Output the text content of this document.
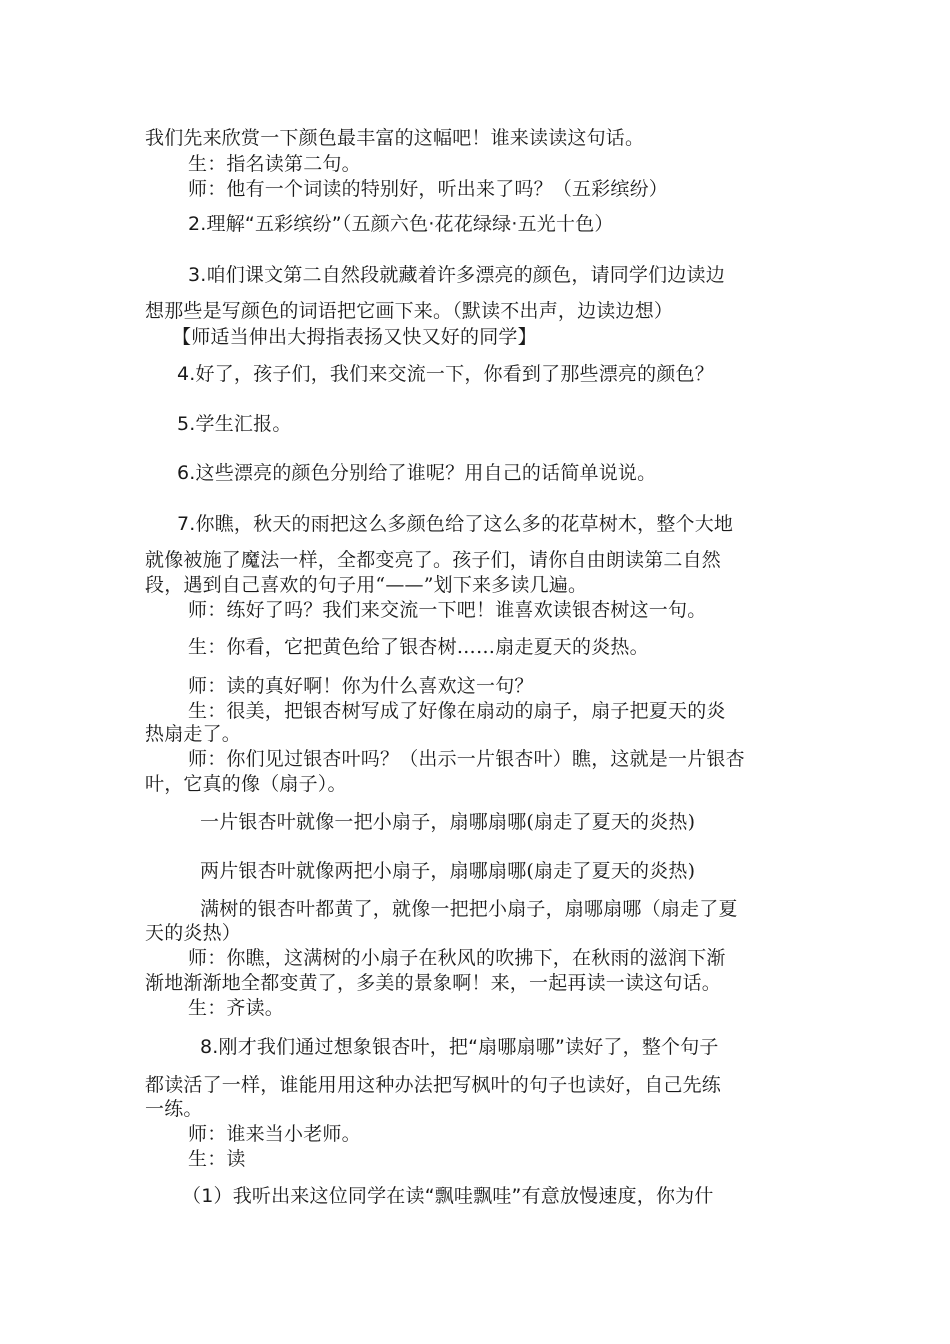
我们先来欣赏一下颜色最丰富的这幅吧！谁来读读这句话。
生：指名读第二句。
师：他有一个词读的特别好，听出来了吗？（五彩缤纷）
2.理解“五彩缤纷”（五颜六色·花花绿绿·五光十色）
3.咱们课文第二自然段就藏着许多漂亮的颜色，请同学们边读边
想那些是写颜色的词语把它画下来。（默读不出声，边读边想）
【师适当伸出大拇指表扬又快又好的同学】
4.好了，孩子们，我们来交流一下，你看到了那些漂亮的颜色？
5.学生汇报。
6.这些漂亮的颜色分别给了谁呢？用自己的话简单说说。
7.你瞧，秋天的雨把这么多颜色给了这么多的花草树木，整个大地
就像被施了魔法一样，全都变亮了。孩子们，请你自由朗读第二自然
段，遇到自己喜欢的句子用“——”划下来多读几遍。
师：练好了吗？我们来交流一下吧！谁喜欢读银杏树这一句。
生：你看，它把黄色给了银杏树……扇走夏天的炎热。
师：读的真好啊！你为什么喜欢这一句？
生：很美，把银杏树写成了好像在扇动的扇子，扇子把夏天的炎
热扇走了。
师：你们见过银杏叶吗？（出示一片银杏叶）瞧，这就是一片银杏
叶，它真的像（扇子）。
一片银杏叶就像一把小扇子，扇哪扇哪(扇走了夏天的炎热)
两片银杏叶就像两把小扇子，扇哪扇哪(扇走了夏天的炎热)
满树的银杏叶都黄了，就像一把把小扇子，扇哪扇哪（扇走了夏
天的炎热）
师：你瞧，这满树的小扇子在秋风的吹拂下，在秋雨的滋润下渐
渐地渐渐地全都变黄了，多美的景象啊！来，一起再读一读这句话。
生：齐读。
8.刚才我们通过想象银杏叶，把“扇哪扇哪”读好了，整个句子
都读活了一样，谁能用用这种办法把写枫叶的句子也读好，自己先练
一练。
师：谁来当小老师。
生：读
（1）我听出来这位同学在读“飘哇飘哇”有意放慢速度，你为什
